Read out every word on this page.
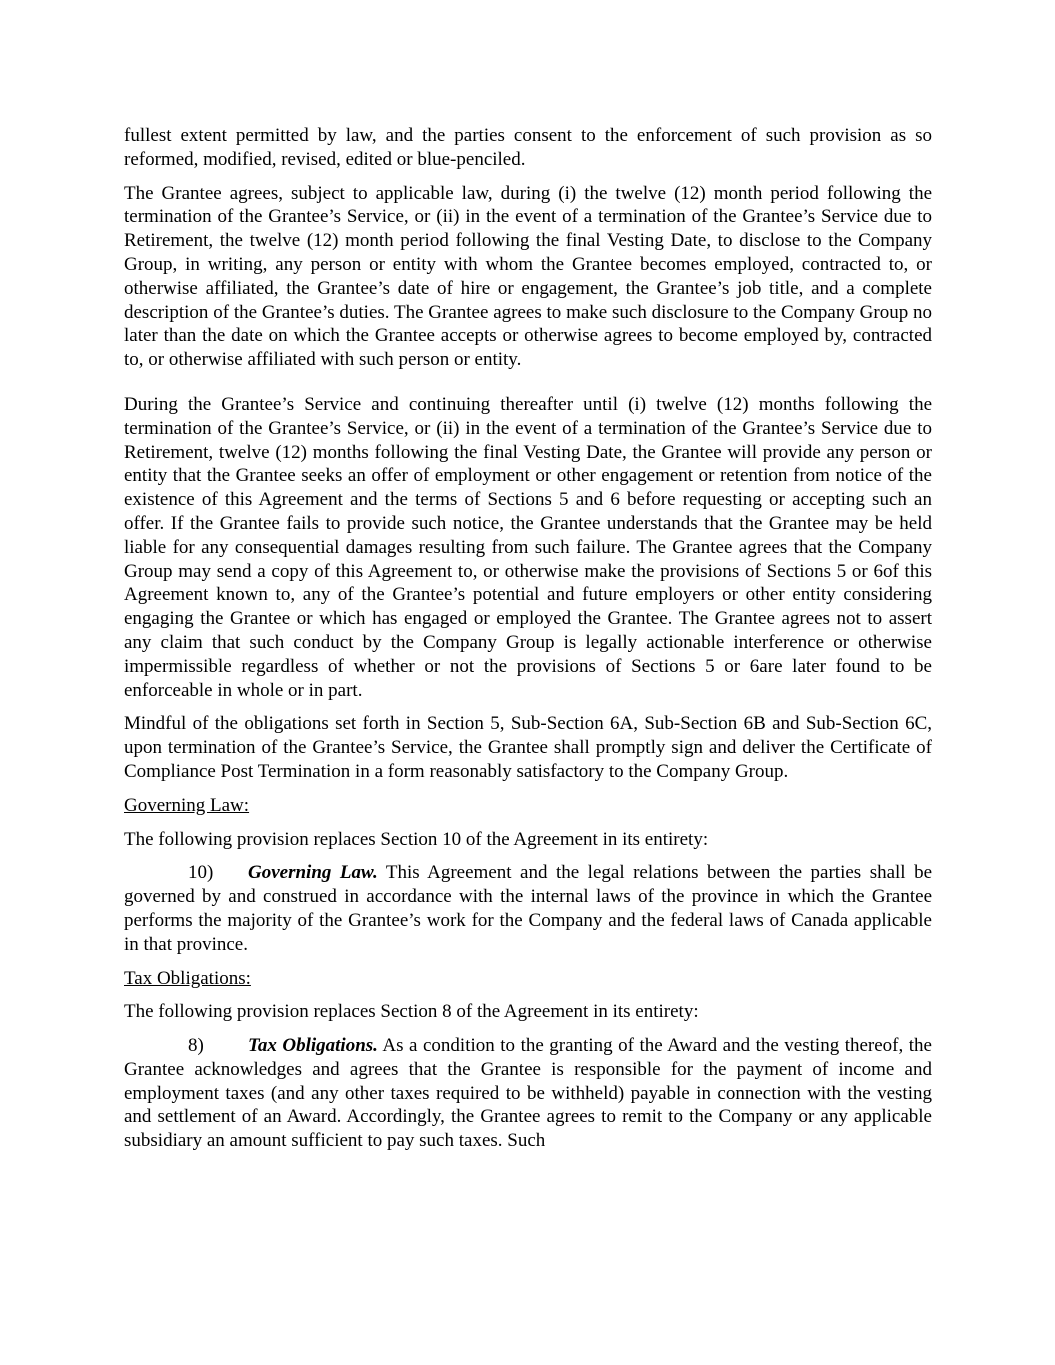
fullest extent permitted by law, and the parties consent to the enforcement of such provision as so reformed, modified, revised, edited or blue-penciled.

The Grantee agrees, subject to applicable law, during (i) the twelve (12) month period following the termination of the Grantee’s Service, or (ii) in the event of a termination of the Grantee’s Service due to Retirement, the twelve (12) month period following the final Vesting Date, to disclose to the Company Group, in writing, any person or entity with whom the Grantee becomes employed, contracted to, or otherwise affiliated, the Grantee’s date of hire or engagement, the Grantee’s job title, and a complete description of the Grantee’s duties. The Grantee agrees to make such disclosure to the Company Group no later than the date on which the Grantee accepts or otherwise agrees to become employed by, contracted to, or otherwise affiliated with such person or entity.

During the Grantee’s Service and continuing thereafter until (i) twelve (12) months following the termination of the Grantee’s Service, or (ii) in the event of a termination of the Grantee’s Service due to Retirement, twelve (12) months following the final Vesting Date, the Grantee will provide any person or entity that the Grantee seeks an offer of employment or other engagement or retention from notice of the existence of this Agreement and the terms of Sections 5 and 6 before requesting or accepting such an offer. If the Grantee fails to provide such notice, the Grantee understands that the Grantee may be held liable for any consequential damages resulting from such failure. The Grantee agrees that the Company Group may send a copy of this Agreement to, or otherwise make the provisions of Sections 5 or 6of this Agreement known to, any of the Grantee’s potential and future employers or other entity considering engaging the Grantee or which has engaged or employed the Grantee. The Grantee agrees not to assert any claim that such conduct by the Company Group is legally actionable interference or otherwise impermissible regardless of whether or not the provisions of Sections 5 or 6are later found to be enforceable in whole or in part.

Mindful of the obligations set forth in Section 5, Sub-Section 6A, Sub-Section 6B and Sub-Section 6C, upon termination of the Grantee’s Service, the Grantee shall promptly sign and deliver the Certificate of Compliance Post Termination in a form reasonably satisfactory to the Company Group.

Governing Law:

The following provision replaces Section 10 of the Agreement in its entirety:

10) Governing Law. This Agreement and the legal relations between the parties shall be governed by and construed in accordance with the internal laws of the province in which the Grantee performs the majority of the Grantee’s work for the Company and the federal laws of Canada applicable in that province.

Tax Obligations:

The following provision replaces Section 8 of the Agreement in its entirety:

8) Tax Obligations. As a condition to the granting of the Award and the vesting thereof, the Grantee acknowledges and agrees that the Grantee is responsible for the payment of income and employment taxes (and any other taxes required to be withheld) payable in connection with the vesting and settlement of an Award. Accordingly, the Grantee agrees to remit to the Company or any applicable subsidiary an amount sufficient to pay such taxes. Such
